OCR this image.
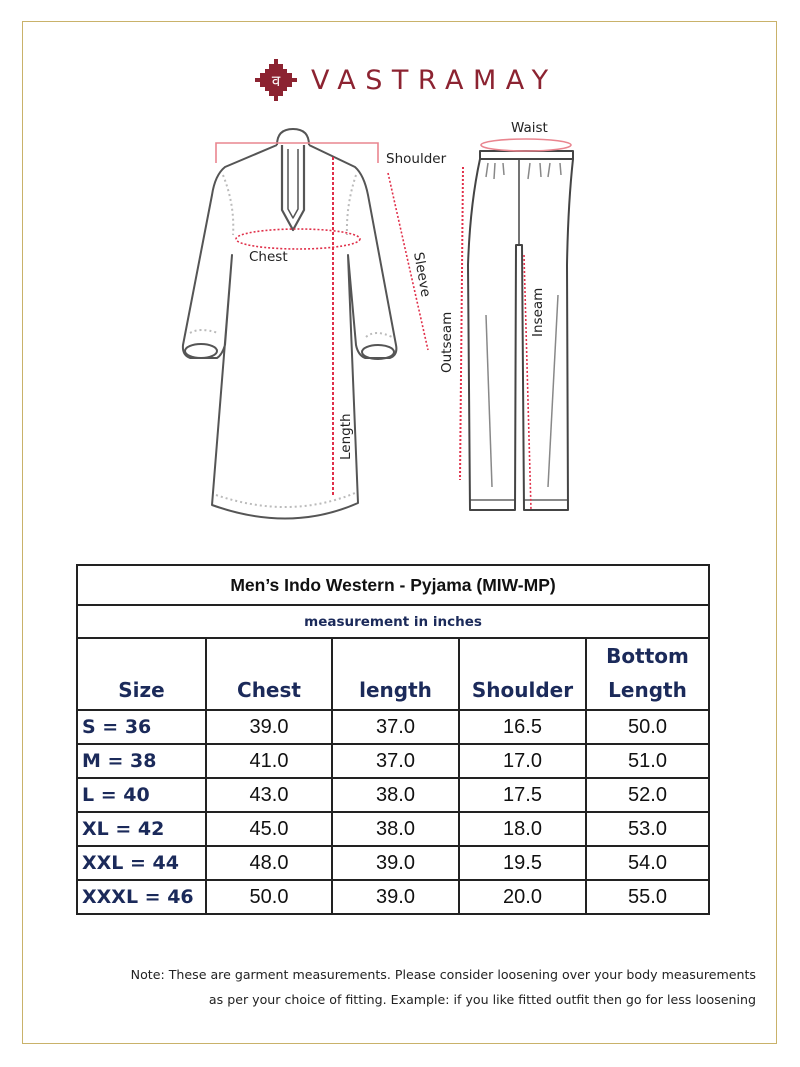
व VASTRAMAY
Shoulder
Chest	Sleeve
Length
Waist
Outseam	Inseam
Men’s Indo Western - Pyjama (MIW-MP)				
measurement in inches				
Size	Chest	length	Shoulder	Bottom
Length
S = 36	39.0	37.0	16.5	50.0
M = 38	41.0	37.0	17.0	51.0
L = 40	43.0	38.0	17.5	52.0
XL = 42	45.0	38.0	18.0	53.0
XXL = 44	48.0	39.0	19.5	54.0
XXXL = 46	50.0	39.0	20.0	55.0
Note: These are garment measurements. Please consider loosening over your body measurements
as per your choice of fitting. Example: if you like fitted outfit then go for less loosening
